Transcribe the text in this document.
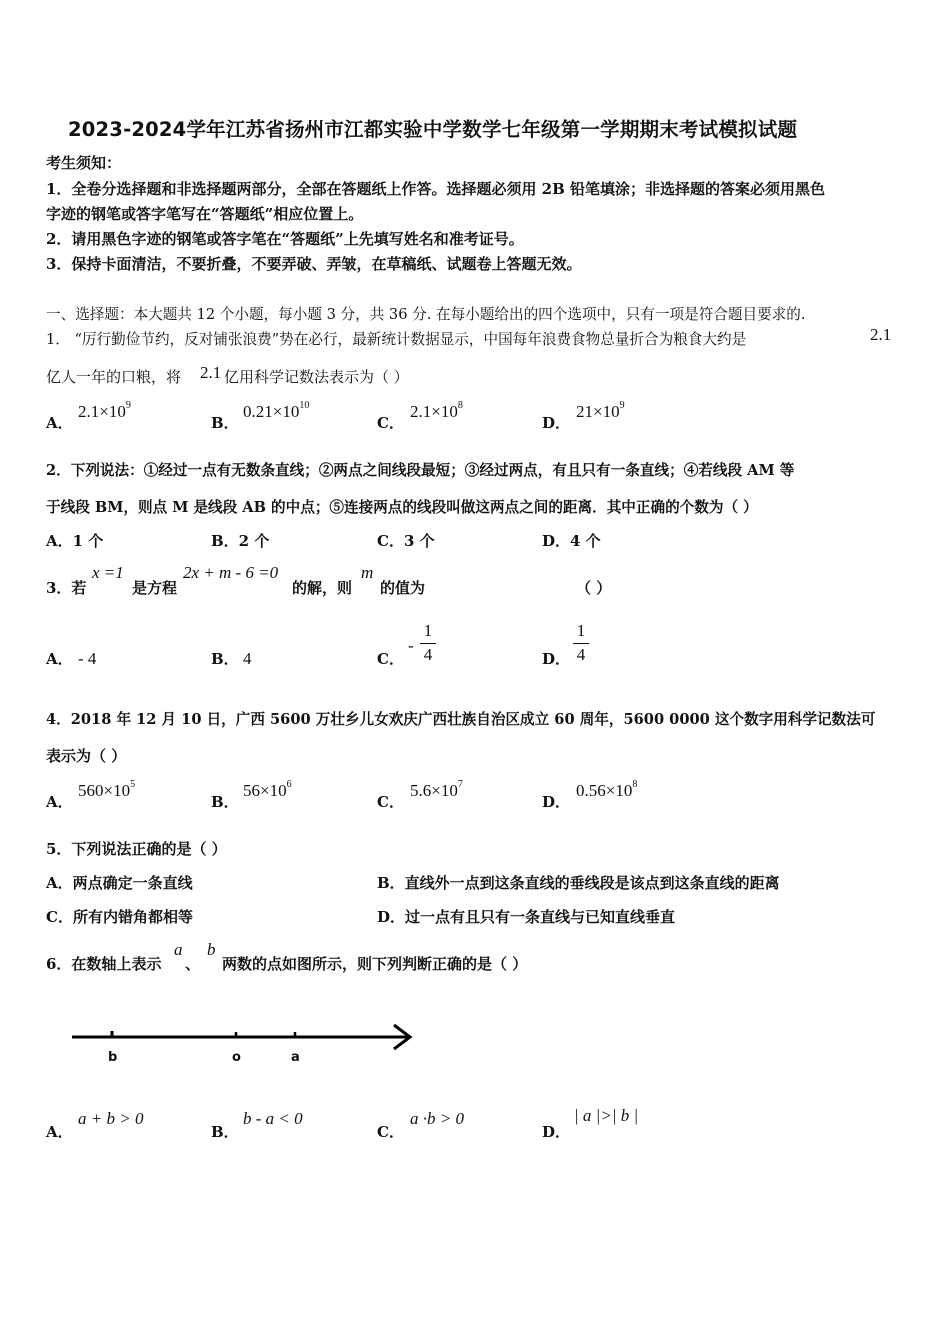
2023-2024学年江苏省扬州市江都实验中学数学七年级第一学期期末考试模拟试题
考生须知：
1．全卷分选择题和非选择题两部分，全部在答题纸上作答。选择题必须用 2B 铅笔填涂；非选择题的答案必须用黑色
字迹的钢笔或答字笔写在“答题纸”相应位置上。
2．请用黑色字迹的钢笔或答字笔在“答题纸”上先填写姓名和准考证号。
3．保持卡面清洁，不要折叠，不要弄破、弄皱，在草稿纸、试题卷上答题无效。
一、选择题：本大题共 12 个小题，每小题 3 分，共 36 分. 在每小题给出的四个选项中，只有一项是符合题目要求的.
1． “厉行勤俭节约，反对铺张浪费”势在必行，最新统计数据显示，中国每年浪费食物总量折合为粮食大约是	2.1
亿人一年的口粮，将 2.1 亿用科学记数法表示为（ ）
A．
$2.1\times 10^9$
B．
$0.21\times 10^{10}$
C．
$2.1\times 10^8$
D．
$21\times 10^9$
2．下列说法：①经过一点有无数条直线；②两点之间线段最短；③经过两点，有且只有一条直线；④若线段 AM 等
于线段 BM，则点 M 是线段 AB 的中点；⑤连接两点的线段叫做这两点之间的距离．其中正确的个数为（ ）
A．1 个	B．2 个	C．3 个	D．4 个
3．若
x =1
是方程
2x + m - 6 =0
的解，则
m
的值为	（ ）
A． - 4	B． 4	C．
-
1
4	D．
1
4
4．2018 年 12 月 10 日，广西 5600 万壮乡儿女欢庆广西壮族自治区成立 60 周年，5600 0000 这个数字用科学记数法可
表示为（ ）
A．
$560\times 10^5$
B．
$56\times 10^6$
C．
$5.6\times 10^7$
D．
$0.56\times 10^8$
5．下列说法正确的是（ ）
A．两点确定一条直线	B．直线外一点到这条直线的垂线段是该点到这条直线的距离
C．所有内错角都相等	D．过一点有且只有一条直线与已知直线垂直
6．在数轴上表示
a
、
b
两数的点如图所示，则下列判断正确的是（ ）
b	o	a
A．
a + b > 0
B．
b - a < 0
C．
a ·b > 0
D．
| a |>| b |
